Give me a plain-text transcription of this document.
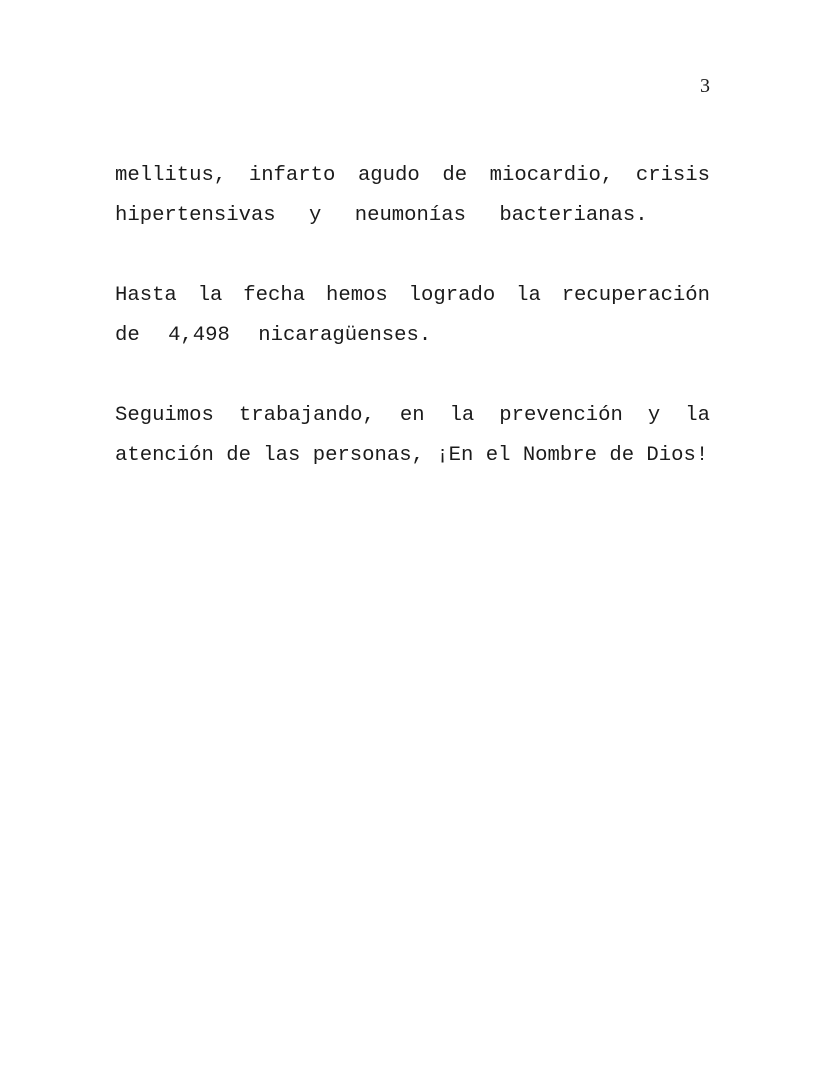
3
mellitus, infarto agudo de miocardio, crisis
hipertensivas y neumonías bacterianas.
Hasta la fecha hemos logrado la recuperación
de 4,498 nicaragüenses.
Seguimos trabajando, en la prevención y la
atención de las personas, ¡En el Nombre de Dios!
